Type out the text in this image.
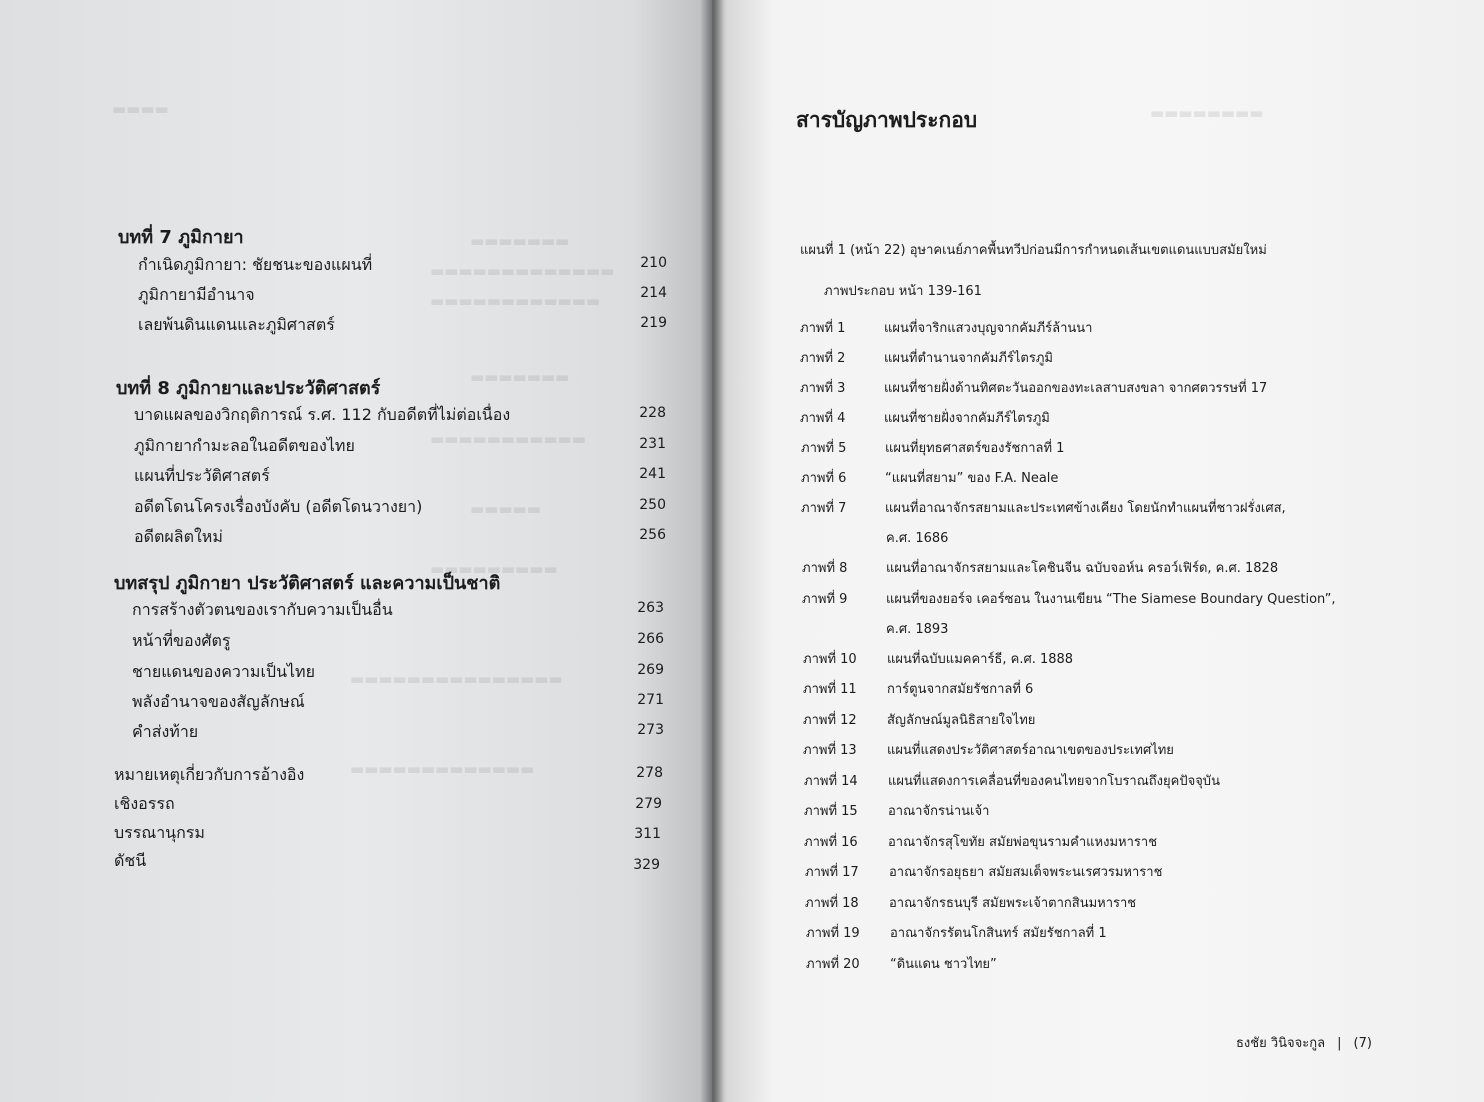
▬▬▬▬
▬▬▬▬▬▬▬
▬▬▬▬▬▬▬▬▬▬▬▬▬
▬▬▬▬▬▬▬▬▬▬▬▬
▬▬▬▬▬▬▬
▬▬▬▬▬▬▬▬▬▬▬
▬▬▬▬▬
▬▬▬▬▬▬▬▬▬
▬▬▬▬▬▬▬▬▬▬▬▬▬▬▬
▬▬▬▬▬▬▬▬▬▬▬▬▬
▬▬▬▬▬▬▬▬
บทที่ 7 ภูมิกายา
กำเนิดภูมิกายา: ชัยชนะของแผนที่	210
ภูมิกายามีอำนาจ	214
เลยพ้นดินแดนและภูมิศาสตร์	219
บทที่ 8 ภูมิกายาและประวัติศาสตร์
บาดแผลของวิกฤติการณ์ ร.ศ. 112 กับอดีตที่ไม่ต่อเนื่อง	228
ภูมิกายากำมะลอในอดีตของไทย	231
แผนที่ประวัติศาสตร์	241
อดีตโดนโครงเรื่องบังคับ (อดีตโดนวางยา)	250
อดีตผลิตใหม่	256
บทสรุป ภูมิกายา ประวัติศาสตร์ และความเป็นชาติ
การสร้างตัวตนของเรากับความเป็นอื่น	263
หน้าที่ของศัตรู	266
ชายแดนของความเป็นไทย	269
พลังอำนาจของสัญลักษณ์	271
คำส่งท้าย	273
หมายเหตุเกี่ยวกับการอ้างอิง	278
เชิงอรรถ	279
บรรณานุกรม	311
ดัชนี	329
สารบัญภาพประกอบ
แผนที่ 1 (หน้า 22) อุษาคเนย์ภาคพื้นทวีปก่อนมีการกำหนดเส้นเขตแดนแบบสมัยใหม่
ภาพประกอบ หน้า 139-161
ภาพที่ 1	แผนที่จาริกแสวงบุญจากคัมภีร์ล้านนา
ภาพที่ 2	แผนที่ตำนานจากคัมภีร์ไตรภูมิ
ภาพที่ 3	แผนที่ชายฝั่งด้านทิศตะวันออกของทะเลสาบสงขลา จากศตวรรษที่ 17
ภาพที่ 4	แผนที่ชายฝั่งจากคัมภีร์ไตรภูมิ
ภาพที่ 5	แผนที่ยุทธศาสตร์ของรัชกาลที่ 1
ภาพที่ 6	“แผนที่สยาม” ของ F.A. Neale
ภาพที่ 7	แผนที่อาณาจักรสยามและประเทศข้างเคียง โดยนักทำแผนที่ชาวฝรั่งเศส,
ค.ศ. 1686
ภาพที่ 8	แผนที่อาณาจักรสยามและโคชินจีน ฉบับจอห์น ครอว์เฟิร์ด, ค.ศ. 1828
ภาพที่ 9	แผนที่ของยอร์จ เคอร์ซอน ในงานเขียน “The Siamese Boundary Question”,
ค.ศ. 1893
ภาพที่ 10 แผนที่ฉบับแมคคาร์ธี, ค.ศ. 1888
ภาพที่ 11 การ์ตูนจากสมัยรัชกาลที่ 6
ภาพที่ 12 สัญลักษณ์มูลนิธิสายใจไทย
ภาพที่ 13 แผนที่แสดงประวัติศาสตร์อาณาเขตของประเทศไทย
ภาพที่ 14 แผนที่แสดงการเคลื่อนที่ของคนไทยจากโบราณถึงยุคปัจจุบัน
ภาพที่ 15 อาณาจักรน่านเจ้า
ภาพที่ 16 อาณาจักรสุโขทัย สมัยพ่อขุนรามคำแหงมหาราช
ภาพที่ 17 อาณาจักรอยุธยา สมัยสมเด็จพระนเรศวรมหาราช
ภาพที่ 18 อาณาจักรธนบุรี สมัยพระเจ้าตากสินมหาราช
ภาพที่ 19 อาณาจักรรัตนโกสินทร์ สมัยรัชกาลที่ 1
ภาพที่ 20 “ดินแดน ชาวไทย”
ธงชัย วินิจจะกูล | (7)
